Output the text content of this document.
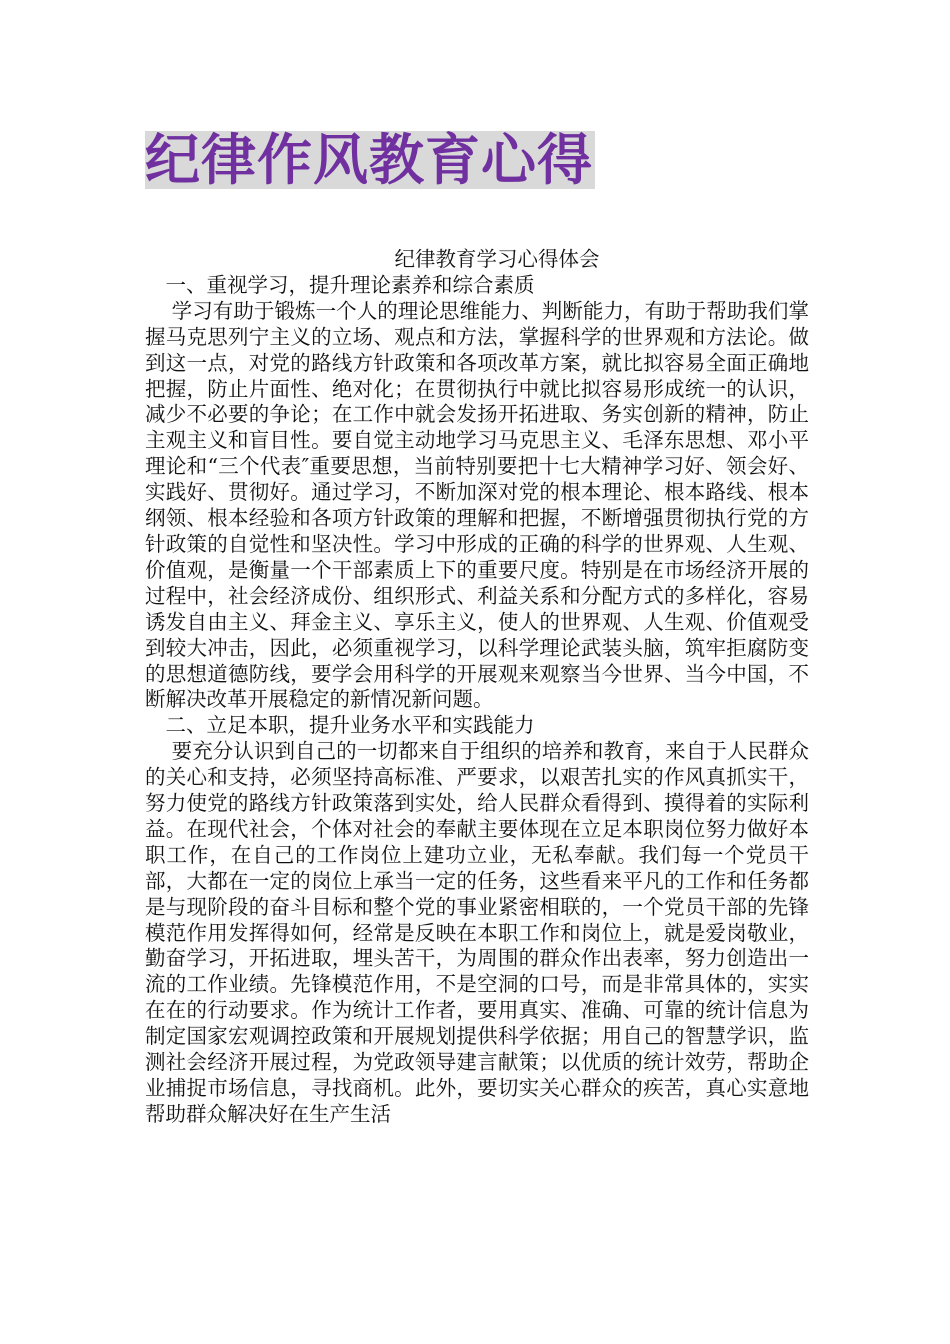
纪律作风教育心得

纪律教育学习心得体会

一、重视学习，提升理论素养和综合素质

学习有助于锻炼一个人的理论思维能力、判断能力，有助于帮助我们掌握马克思列宁主义的立场、观点和方法，掌握科学的世界观和方法论。做到这一点，对党的路线方针政策和各项改革方案，就比拟容易全面正确地把握，防止片面性、绝对化；在贯彻执行中就比拟容易形成统一的认识，减少不必要的争论；在工作中就会发扬开拓进取、务实创新的精神，防止主观主义和盲目性。要自觉主动地学习马克思主义、毛泽东思想、邓小平理论和“三个代表″重要思想，当前特别要把十七大精神学习好、领会好、实践好、贯彻好。通过学习，不断加深对党的根本理论、根本路线、根本纲领、根本经验和各项方针政策的理解和把握，不断增强贯彻执行党的方针政策的自觉性和坚决性。学习中形成的正确的科学的世界观、人生观、价值观，是衡量一个干部素质上下的重要尺度。特别是在市场经济开展的过程中，社会经济成份、组织形式、利益关系和分配方式的多样化，容易诱发自由主义、拜金主义、享乐主义，使人的世界观、人生观、价值观受到较大冲击，因此，必须重视学习，以科学理论武装头脑，筑牢拒腐防变的思想道德防线，要学会用科学的开展观来观察当今世界、当今中国，不断解决改革开展稳定的新情况新问题。

二、立足本职，提升业务水平和实践能力

要充分认识到自己的一切都来自于组织的培养和教育，来自于人民群众的关心和支持，必须坚持高标准、严要求，以艰苦扎实的作风真抓实干，努力使党的路线方针政策落到实处，给人民群众看得到、摸得着的实际利益。在现代社会，个体对社会的奉献主要体现在立足本职岗位努力做好本职工作，在自己的工作岗位上建功立业，无私奉献。我们每一个党员干部，大都在一定的岗位上承当一定的任务，这些看来平凡的工作和任务都是与现阶段的奋斗目标和整个党的事业紧密相联的，一个党员干部的先锋模范作用发挥得如何，经常是反映在本职工作和岗位上，就是爱岗敬业，勤奋学习，开拓进取，埋头苦干，为周围的群众作出表率，努力创造出一流的工作业绩。先锋模范作用，不是空洞的口号，而是非常具体的，实实在在的行动要求。作为统计工作者，要用真实、准确、可靠的统计信息为制定国家宏观调控政策和开展规划提供科学依据；用自己的智慧学识，监测社会经济开展过程，为党政领导建言献策；以优质的统计效劳，帮助企业捕捉市场信息，寻找商机。此外，要切实关心群众的疾苦，真心实意地帮助群众解决好在生产生活
